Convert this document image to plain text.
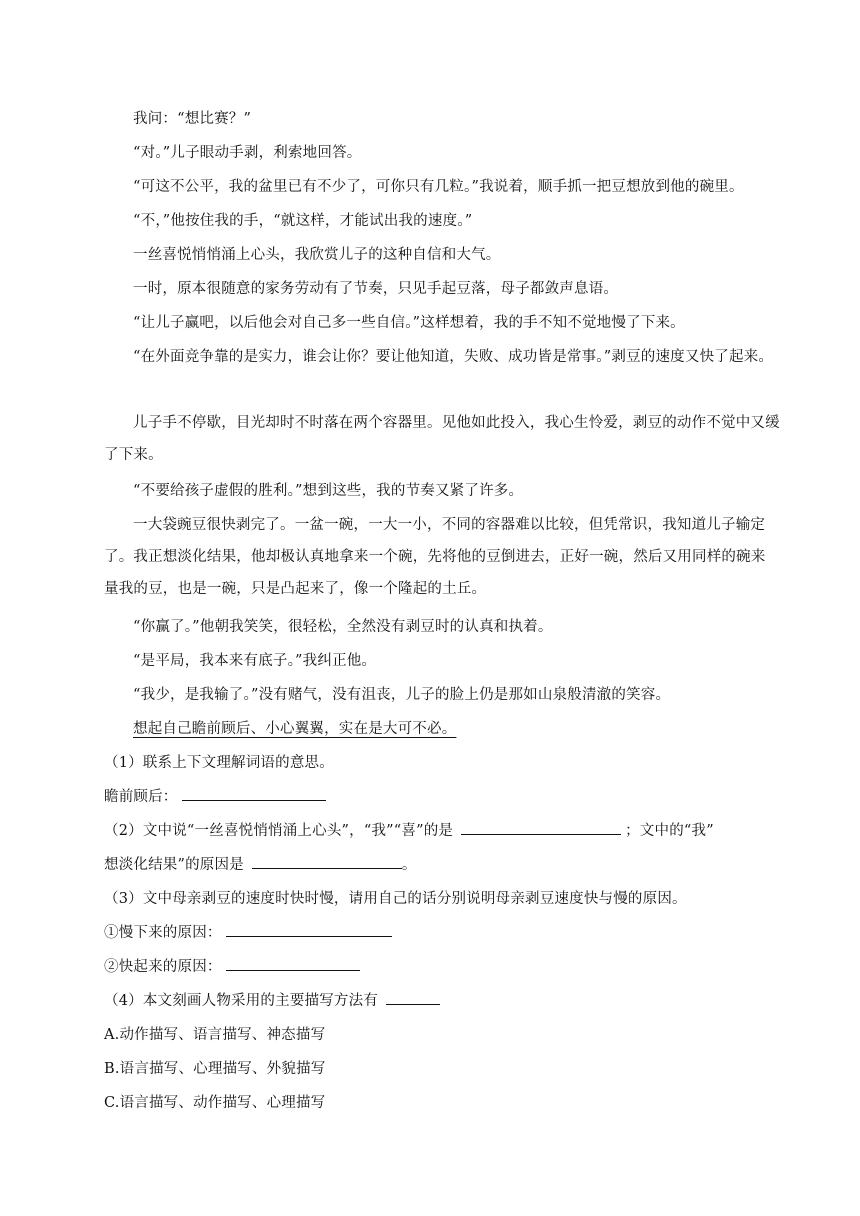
我问：“想比赛？”
“对。”儿子眼动手剥，利索地回答。
“可这不公平，我的盆里已有不少了，可你只有几粒。”我说着，顺手抓一把豆想放到他的碗里。
“不，”他按住我的手，“就这样，才能试出我的速度。”
一丝喜悦悄悄涌上心头，我欣赏儿子的这种自信和大气。
一时，原本很随意的家务劳动有了节奏，只见手起豆落，母子都敛声息语。
“让儿子赢吧，以后他会对自己多一些自信。”这样想着，我的手不知不觉地慢了下来。
“在外面竞争靠的是实力，谁会让你？要让他知道，失败、成功皆是常事。”剥豆的速度又快了起来。
儿子手不停歇，目光却时不时落在两个容器里。见他如此投入，我心生怜爱，剥豆的动作不觉中又缓了下来。
“不要给孩子虚假的胜利。”想到这些，我的节奏又紧了许多。
一大袋豌豆很快剥完了。一盆一碗，一大一小，不同的容器难以比较，但凭常识，我知道儿子输定了。我正想淡化结果，他却极认真地拿来一个碗，先将他的豆倒进去，正好一碗，然后又用同样的碗来量我的豆，也是一碗，只是凸起来了，像一个隆起的土丘。
“你赢了。”他朝我笑笑，很轻松，全然没有剥豆时的认真和执着。
“是平局，我本来有底子。”我纠正他。
“我少，是我输了。”没有赌气，没有沮丧，儿子的脸上仍是那如山泉般清澈的笑容。
想起自己瞻前顾后、小心翼翼，实在是大可不必。
（1）联系上下文理解词语的意思。
瞻前顾后：
（2）文中说“一丝喜悦悄悄涌上心头”，“我”“喜”的是	；文中的“我”
想淡化结果”的原因是	。
（3）文中母亲剥豆的速度时快时慢，请用自己的话分别说明母亲剥豆速度快与慢的原因。
①慢下来的原因：
②快起来的原因：
（4）本文刻画人物采用的主要描写方法有
A.动作描写、语言描写、神态描写
B.语言描写、心理描写、外貌描写
C.语言描写、动作描写、心理描写
